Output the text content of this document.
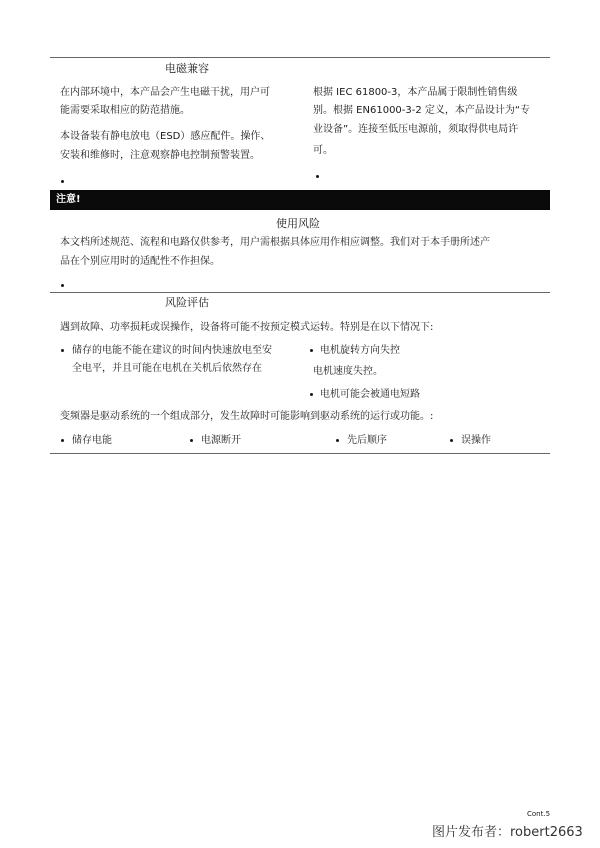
电磁兼容
在内部环境中，本产品会产生电磁干扰，用户可
能需要采取相应的防范措施。
本设备装有静电放电（ESD）感应配件。操作、
安装和维修时，注意观察静电控制预警装置。
根据 IEC 61800-3，本产品属于限制性销售级
别。根据 EN61000-3-2 定义，本产品设计为“专
业设备”。连接至低压电源前，须取得供电局许
可。
注意!
使用风险
本文档所述规范、流程和电路仅供参考，用户需根据具体应用作相应调整。我们对于本手册所述产
品在个别应用时的适配性不作担保。
风险评估
遇到故障、功率损耗或误操作，设备将可能不按预定模式运转。特别是在以下情况下:
储存的电能不能在建议的时间内快速放电至安
全电平，并且可能在电机在关机后依然存在
电机旋转方向失控
电机速度失控。
电机可能会被通电短路
变频器是驱动系统的一个组成部分，发生故障时可能影响到驱动系统的运行或功能。:
储存电能	电源断开	先后顺序	误操作
Cont.5
图片发布者：robert2663
